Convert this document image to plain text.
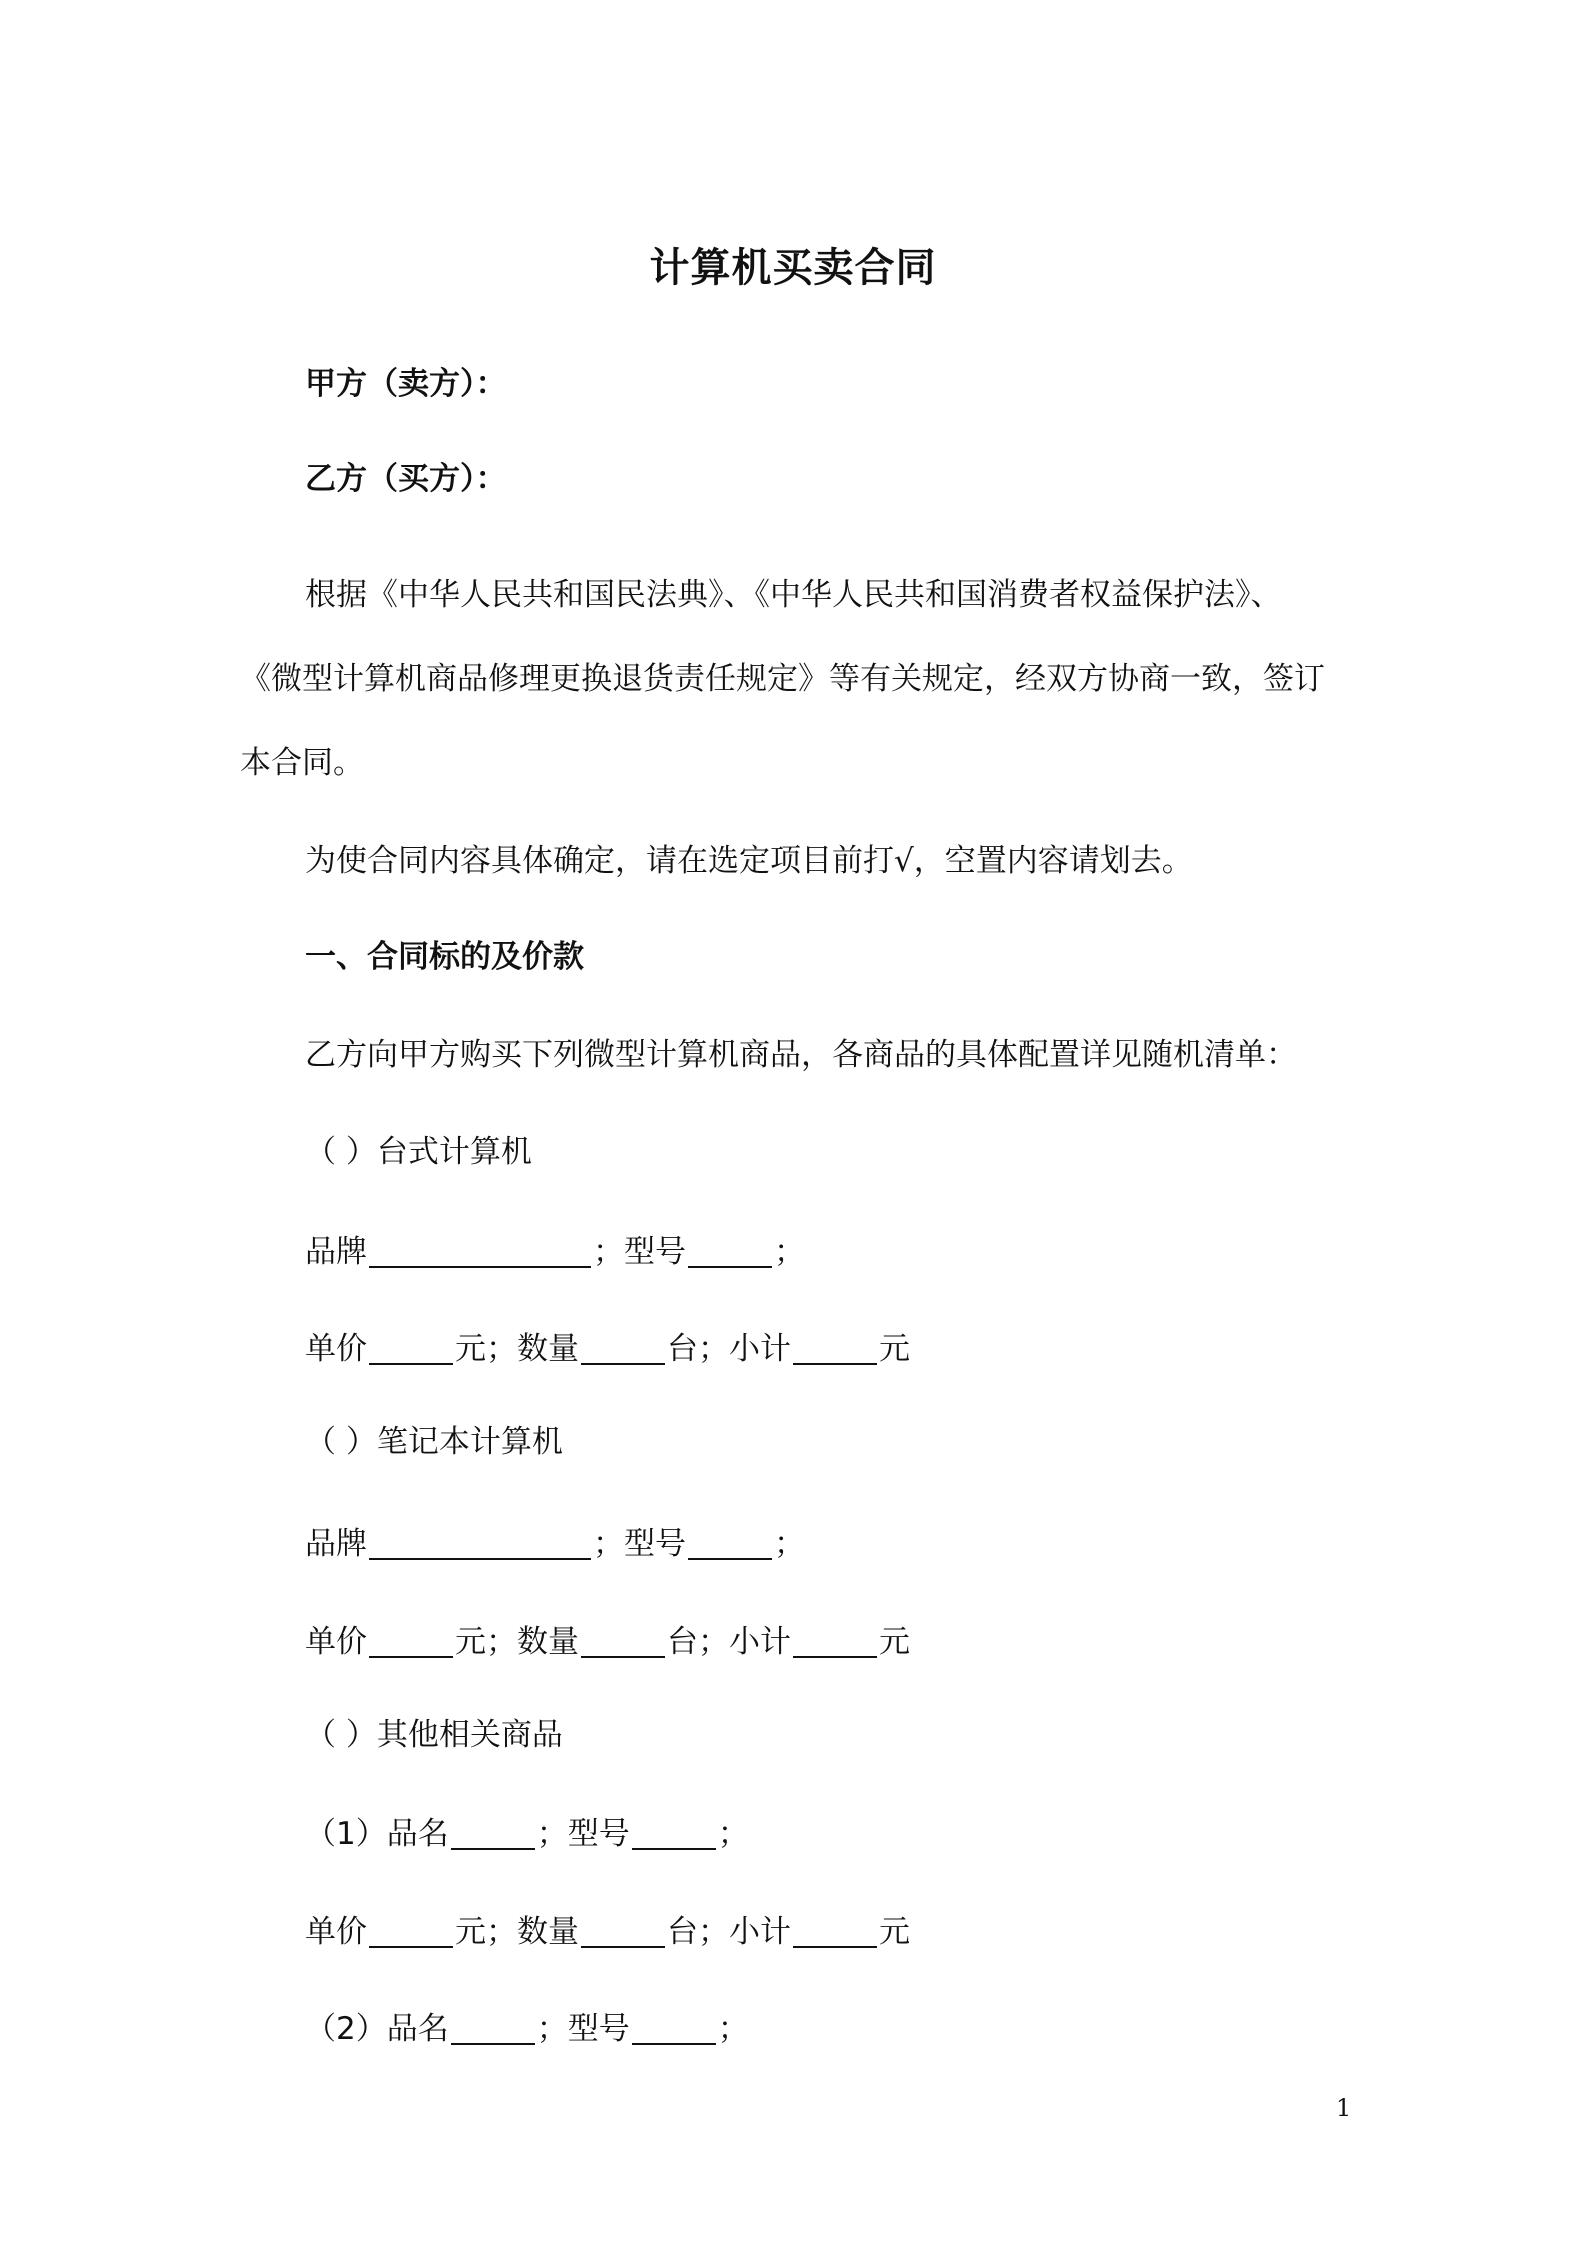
计算机买卖合同
甲方（卖方）：
乙方（买方）：
根据《中华人民共和国民法典》、《中华人民共和国消费者权益保护法》、
《微型计算机商品修理更换退货责任规定》等有关规定，经双方协商一致，签订
本合同。
为使合同内容具体确定，请在选定项目前打√，空置内容请划去。
一、合同标的及价款
乙方向甲方购买下列微型计算机商品，各商品的具体配置详见随机清单：
（ ）台式计算机
品牌	；型号	；
单价	元；数量	台；小计	元
（ ）笔记本计算机
品牌	；型号	；
单价	元；数量	台；小计	元
（ ）其他相关商品
（1）品名	；型号	；
单价	元；数量	台；小计	元
（2）品名	；型号	；
1
